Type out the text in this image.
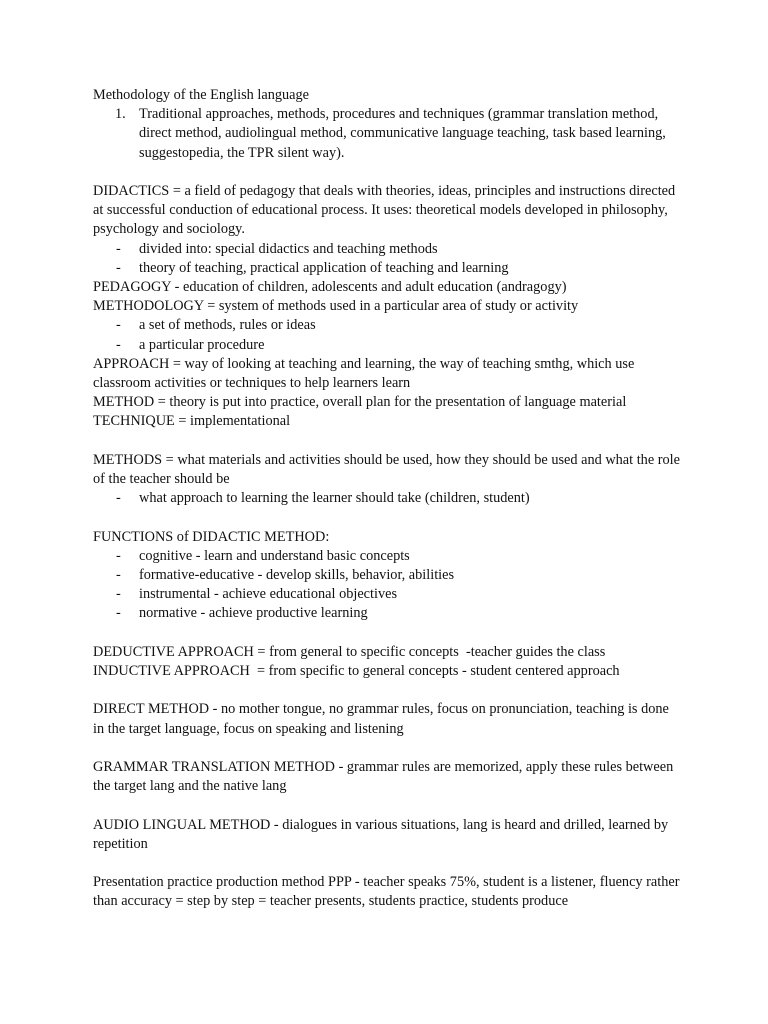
Methodology of the English language

1. Traditional approaches, methods, procedures and techniques (grammar translation method, direct method, audiolingual method, communicative language teaching, task based learning, suggestopedia, the TPR silent way).

DIDACTICS = a field of pedagogy that deals with theories, ideas, principles and instructions directed at successful conduction of educational process. It uses: theoretical models developed in philosophy, psychology and sociology.

- divided into: special didactics and teaching methods
- theory of teaching, practical application of teaching and learning

PEDAGOGY - education of children, adolescents and adult education (andragogy)

METHODOLOGY = system of methods used in a particular area of study or activity

- a set of methods, rules or ideas
- a particular procedure

APPROACH = way of looking at teaching and learning, the way of teaching smthg, which use classroom activities or techniques to help learners learn

METHOD = theory is put into practice, overall plan for the presentation of language material

TECHNIQUE = implementational

METHODS = what materials and activities should be used, how they should be used and what the role of the teacher should be

- what approach to learning the learner should take (children, student)

FUNCTIONS of DIDACTIC METHOD:

- cognitive - learn and understand basic concepts
- formative-educative - develop skills, behavior, abilities
- instrumental - achieve educational objectives
- normative - achieve productive learning

DEDUCTIVE APPROACH = from general to specific concepts  -teacher guides the class

INDUCTIVE APPROACH  = from specific to general concepts - student centered approach

DIRECT METHOD - no mother tongue, no grammar rules, focus on pronunciation, teaching is done in the target language, focus on speaking and listening

GRAMMAR TRANSLATION METHOD - grammar rules are memorized, apply these rules between the target lang and the native lang

AUDIO LINGUAL METHOD - dialogues in various situations, lang is heard and drilled, learned by repetition

Presentation practice production method PPP - teacher speaks 75%, student is a listener, fluency rather than accuracy = step by step = teacher presents, students practice, students produce
